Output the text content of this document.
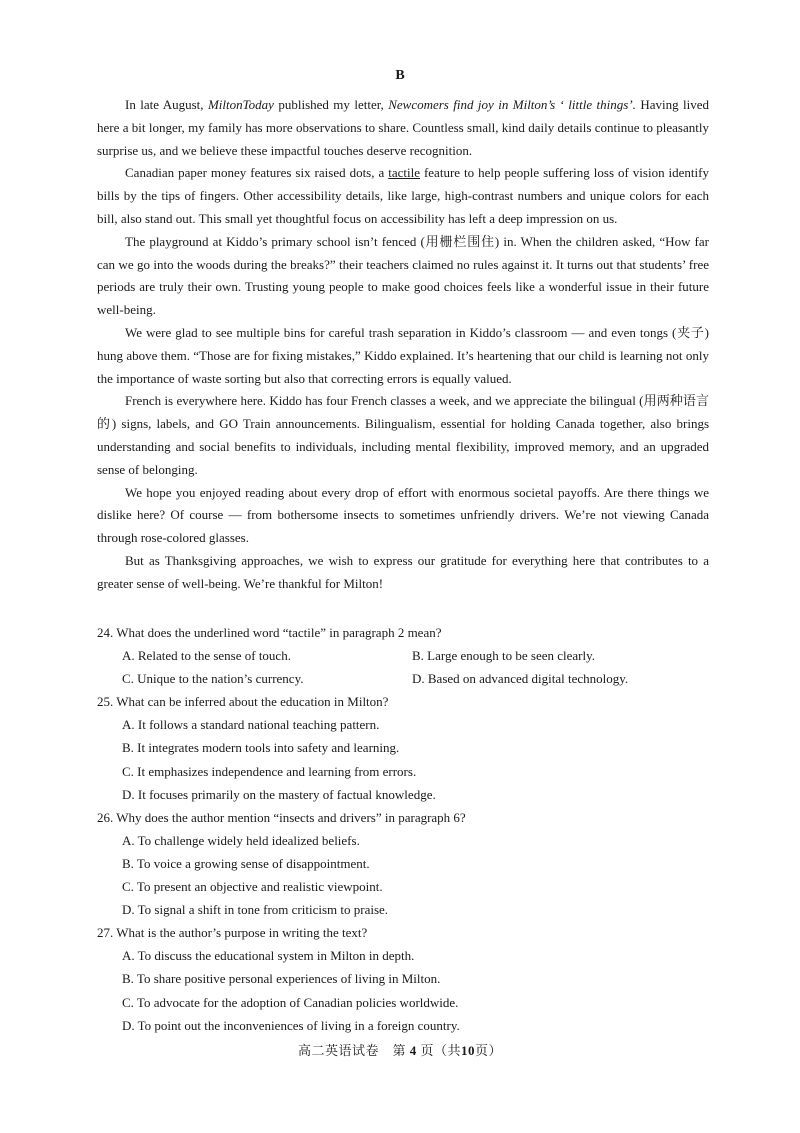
B

In late August, MiltonToday published my letter, Newcomers find joy in Milton’s ‘ little things’. Having lived here a bit longer, my family has more observations to share. Countless small, kind daily details continue to pleasantly surprise us, and we believe these impactful touches deserve recognition.

Canadian paper money features six raised dots, a tactile feature to help people suffering loss of vision identify bills by the tips of fingers. Other accessibility details, like large, high-contrast numbers and unique colors for each bill, also stand out. This small yet thoughtful focus on accessibility has left a deep impression on us.

The playground at Kiddo’s primary school isn’t fenced (用栅栏围住) in. When the children asked, “How far can we go into the woods during the breaks?” their teachers claimed no rules against it. It turns out that students’ free periods are truly their own. Trusting young people to make good choices feels like a wonderful issue in their future well-being.

We were glad to see multiple bins for careful trash separation in Kiddo’s classroom — and even tongs (夹子) hung above them. “Those are for fixing mistakes,” Kiddo explained. It’s heartening that our child is learning not only the importance of waste sorting but also that correcting errors is equally valued.

French is everywhere here. Kiddo has four French classes a week, and we appreciate the bilingual (用两种语言的) signs, labels, and GO Train announcements. Bilingualism, essential for holding Canada together, also brings understanding and social benefits to individuals, including mental flexibility, improved memory, and an upgraded sense of belonging.

We hope you enjoyed reading about every drop of effort with enormous societal payoffs. Are there things we dislike here? Of course — from bothersome insects to sometimes unfriendly drivers. We’re not viewing Canada through rose-colored glasses.

But as Thanksgiving approaches, we wish to express our gratitude for everything here that contributes to a greater sense of well-being. We’re thankful for Milton!

24. What does the underlined word “tactile” in paragraph 2 mean?

A. Related to the sense of touch.	B. Large enough to be seen clearly.
C. Unique to the nation’s currency.	D. Based on advanced digital technology.

25. What can be inferred about the education in Milton?

A. It follows a standard national teaching pattern.

B. It integrates modern tools into safety and learning.

C. It emphasizes independence and learning from errors.

D. It focuses primarily on the mastery of factual knowledge.

26. Why does the author mention “insects and drivers” in paragraph 6?

A. To challenge widely held idealized beliefs.

B. To voice a growing sense of disappointment.

C. To present an objective and realistic viewpoint.

D. To signal a shift in tone from criticism to praise.

27. What is the author’s purpose in writing the text?

A. To discuss the educational system in Milton in depth.

B. To share positive personal experiences of living in Milton.

C. To advocate for the adoption of Canadian policies worldwide.

D. To point out the inconveniences of living in a foreign country.

高二英语试卷　第 4 页（共10页）
